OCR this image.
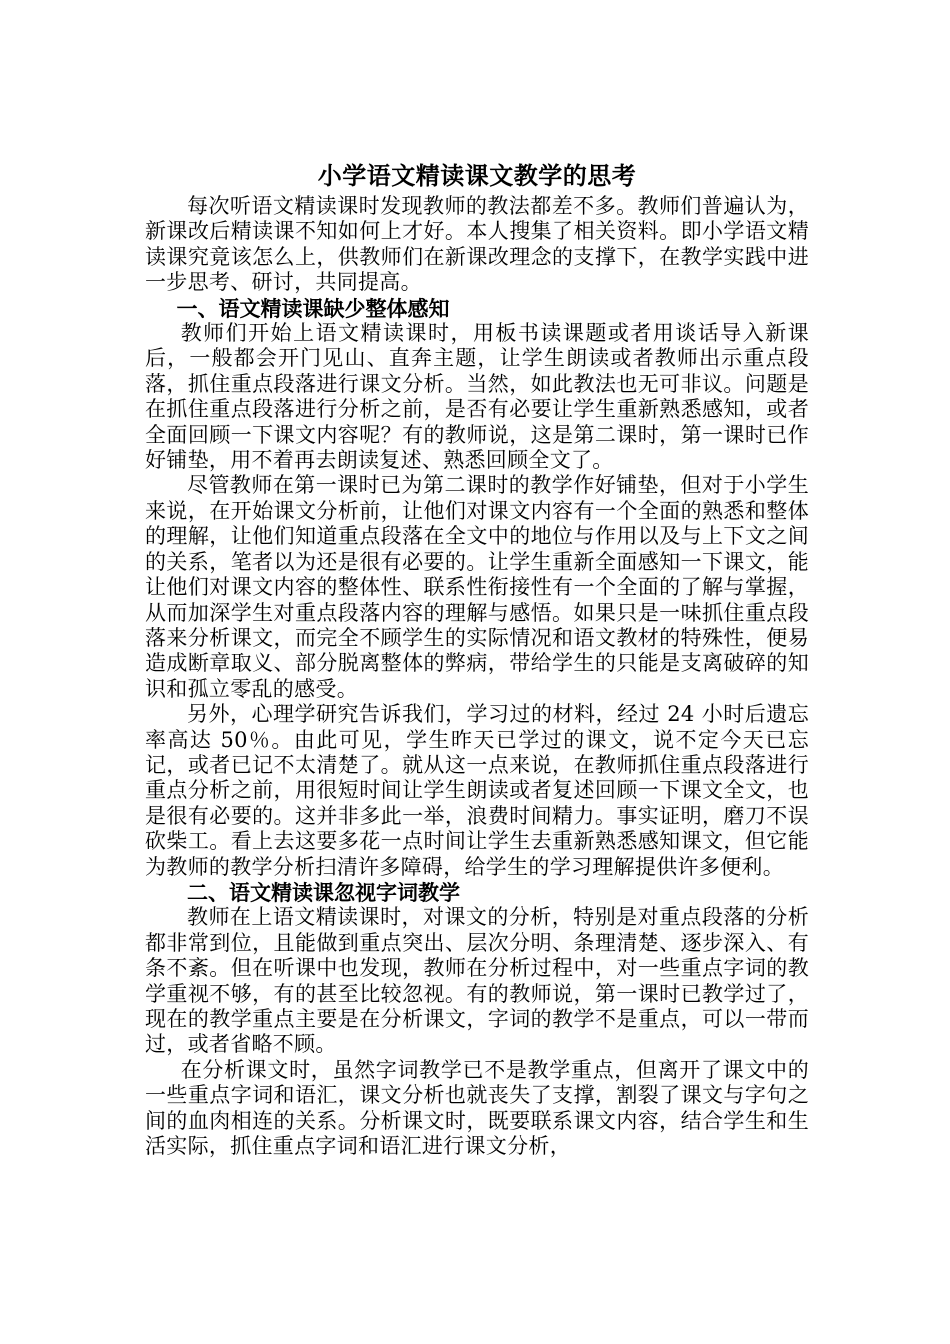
小学语文精读课文教学的思考

每次听语文精读课时发现教师的教法都差不多。教师们普遍认为，新课改后精读课不知如何上才好。本人搜集了相关资料。即小学语文精读课究竟该怎么上，供教师们在新课改理念的支撑下，在教学实践中进一步思考、研讨，共同提高。

一、语文精读课缺少整体感知

教师们开始上语文精读课时，用板书读课题或者用谈话导入新课后，一般都会开门见山、直奔主题，让学生朗读或者教师出示重点段落，抓住重点段落进行课文分析。当然，如此教法也无可非议。问题是在抓住重点段落进行分析之前，是否有必要让学生重新熟悉感知，或者全面回顾一下课文内容呢？有的教师说，这是第二课时，第一课时已作好铺垫，用不着再去朗读复述、熟悉回顾全文了。

尽管教师在第一课时已为第二课时的教学作好铺垫，但对于小学生来说，在开始课文分析前，让他们对课文内容有一个全面的熟悉和整体的理解，让他们知道重点段落在全文中的地位与作用以及与上下文之间的关系，笔者以为还是很有必要的。让学生重新全面感知一下课文，能让他们对课文内容的整体性、联系性衔接性有一个全面的了解与掌握，从而加深学生对重点段落内容的理解与感悟。如果只是一味抓住重点段落来分析课文，而完全不顾学生的实际情况和语文教材的特殊性，便易造成断章取义、部分脱离整体的弊病，带给学生的只能是支离破碎的知识和孤立零乱的感受。

另外，心理学研究告诉我们，学习过的材料，经过 24 小时后遗忘率高达 50％。由此可见，学生昨天已学过的课文，说不定今天已忘记，或者已记不太清楚了。就从这一点来说，在教师抓住重点段落进行重点分析之前，用很短时间让学生朗读或者复述回顾一下课文全文，也是很有必要的。这并非多此一举，浪费时间精力。事实证明，磨刀不误砍柴工。看上去这要多花一点时间让学生去重新熟悉感知课文，但它能为教师的教学分析扫清许多障碍，给学生的学习理解提供许多便利。

二、语文精读课忽视字词教学

教师在上语文精读课时，对课文的分析，特别是对重点段落的分析都非常到位，且能做到重点突出、层次分明、条理清楚、逐步深入、有条不紊。但在听课中也发现，教师在分析过程中，对一些重点字词的教学重视不够，有的甚至比较忽视。有的教师说，第一课时已教学过了，现在的教学重点主要是在分析课文，字词的教学不是重点，可以一带而过，或者省略不顾。

在分析课文时，虽然字词教学已不是教学重点，但离开了课文中的一些重点字词和语汇，课文分析也就丧失了支撑，割裂了课文与字句之间的血肉相连的关系。分析课文时，既要联系课文内容，结合学生和生活实际，抓住重点字词和语汇进行课文分析，
